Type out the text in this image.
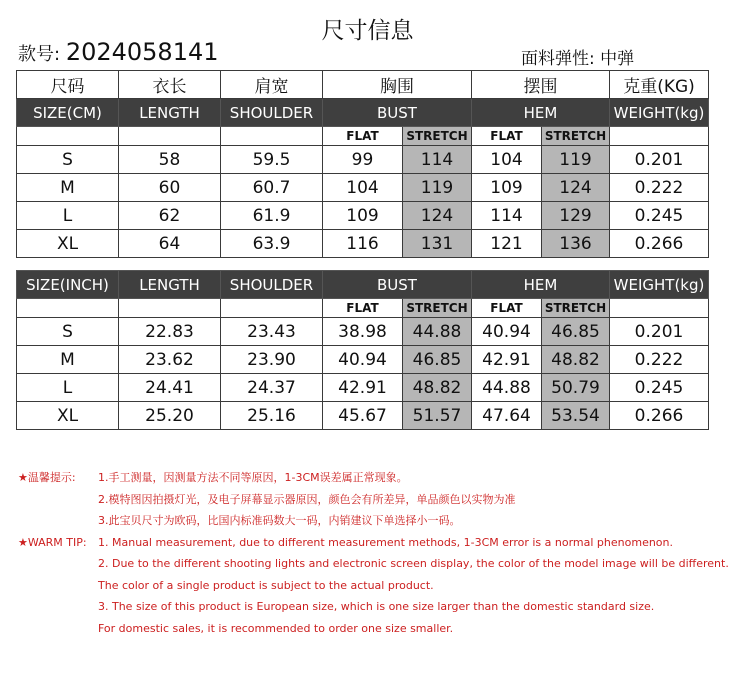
尺寸信息
款号: 2024058141	面料弹性: 中弹
尺码	衣长	肩宽	胸围		摆围		克重(KG)
SIZE(CM)	LENGTH	SHOULDER	BUST		HEM		WEIGHT(kg)
			FLAT	STRETCH	FLAT	STRETCH	
S	58	59.5	99	114	104	119	0.201
M	60	60.7	104	119	109	124	0.222
L	62	61.9	109	124	114	129	0.245
XL	64	63.9	116	131	121	136	0.266
SIZE(INCH)	LENGTH	SHOULDER	BUST		HEM		WEIGHT(kg)
			FLAT	STRETCH	FLAT	STRETCH	
S	22.83	23.43	38.98	44.88	40.94	46.85	0.201
M	23.62	23.90	40.94	46.85	42.91	48.82	0.222
L	24.41	24.37	42.91	48.82	44.88	50.79	0.245
XL	25.20	25.16	45.67	51.57	47.64	53.54	0.266
★温馨提示:	1.手工测量，因测量方法不同等原因，1-3CM误差属正常现象。
2.模特图因拍摄灯光，及电子屏幕显示器原因，颜色会有所差异，单品颜色以实物为准
3.此宝贝尺寸为欧码，比国内标准码数大一码，内销建议下单选择小一码。
★WARM TIP:	1. Manual measurement, due to different measurement methods, 1-3CM error is a normal phenomenon.
2. Due to the different shooting lights and electronic screen display, the color of the model image will be different.
The color of a single product is subject to the actual product.
3. The size of this product is European size, which is one size larger than the domestic standard size.
For domestic sales, it is recommended to order one size smaller.
